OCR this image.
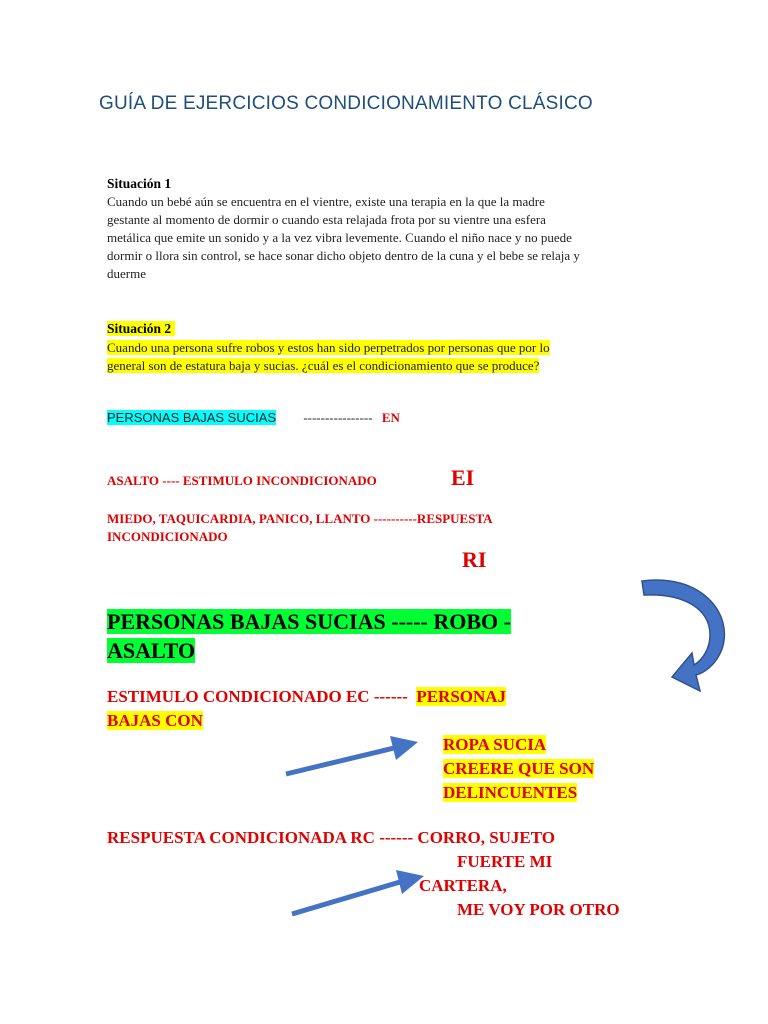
GUÍA DE EJERCICIOS CONDICIONAMIENTO CLÁSICO
Situación 1
Cuando un bebé aún se encuentra en el vientre, existe una terapia en la que la madre
gestante al momento de dormir o cuando esta relajada frota por su vientre una esfera
metálica que emite un sonido y a la vez vibra levemente. Cuando el niño nace y no puede
dormir o llora sin control, se hace sonar dicho objeto dentro de la cuna y el bebe se relaja y
duerme
Situación 2
Cuando una persona sufre robos y estos han sido perpetrados por personas que por lo
general son de estatura baja y sucias. ¿cuál es el condicionamiento que se produce?
PERSONAS BAJAS SUCIAS ---------------- EN
ASALTO ---- ESTIMULO INCONDICIONADO	EI
MIEDO, TAQUICARDIA, PANICO, LLANTO ----------RESPUESTA
INCONDICIONADO
RI
PERSONAS BAJAS SUCIAS ----- ROBO -
ASALTO
ESTIMULO CONDICIONADO EC ------ PERSONAJ
BAJAS CON
ROPA SUCIA
CREERE QUE SON
DELINCUENTES
RESPUESTA CONDICIONADA RC ------ CORRO, SUJETO
FUERTE MI
CARTERA,
ME VOY POR OTRO
